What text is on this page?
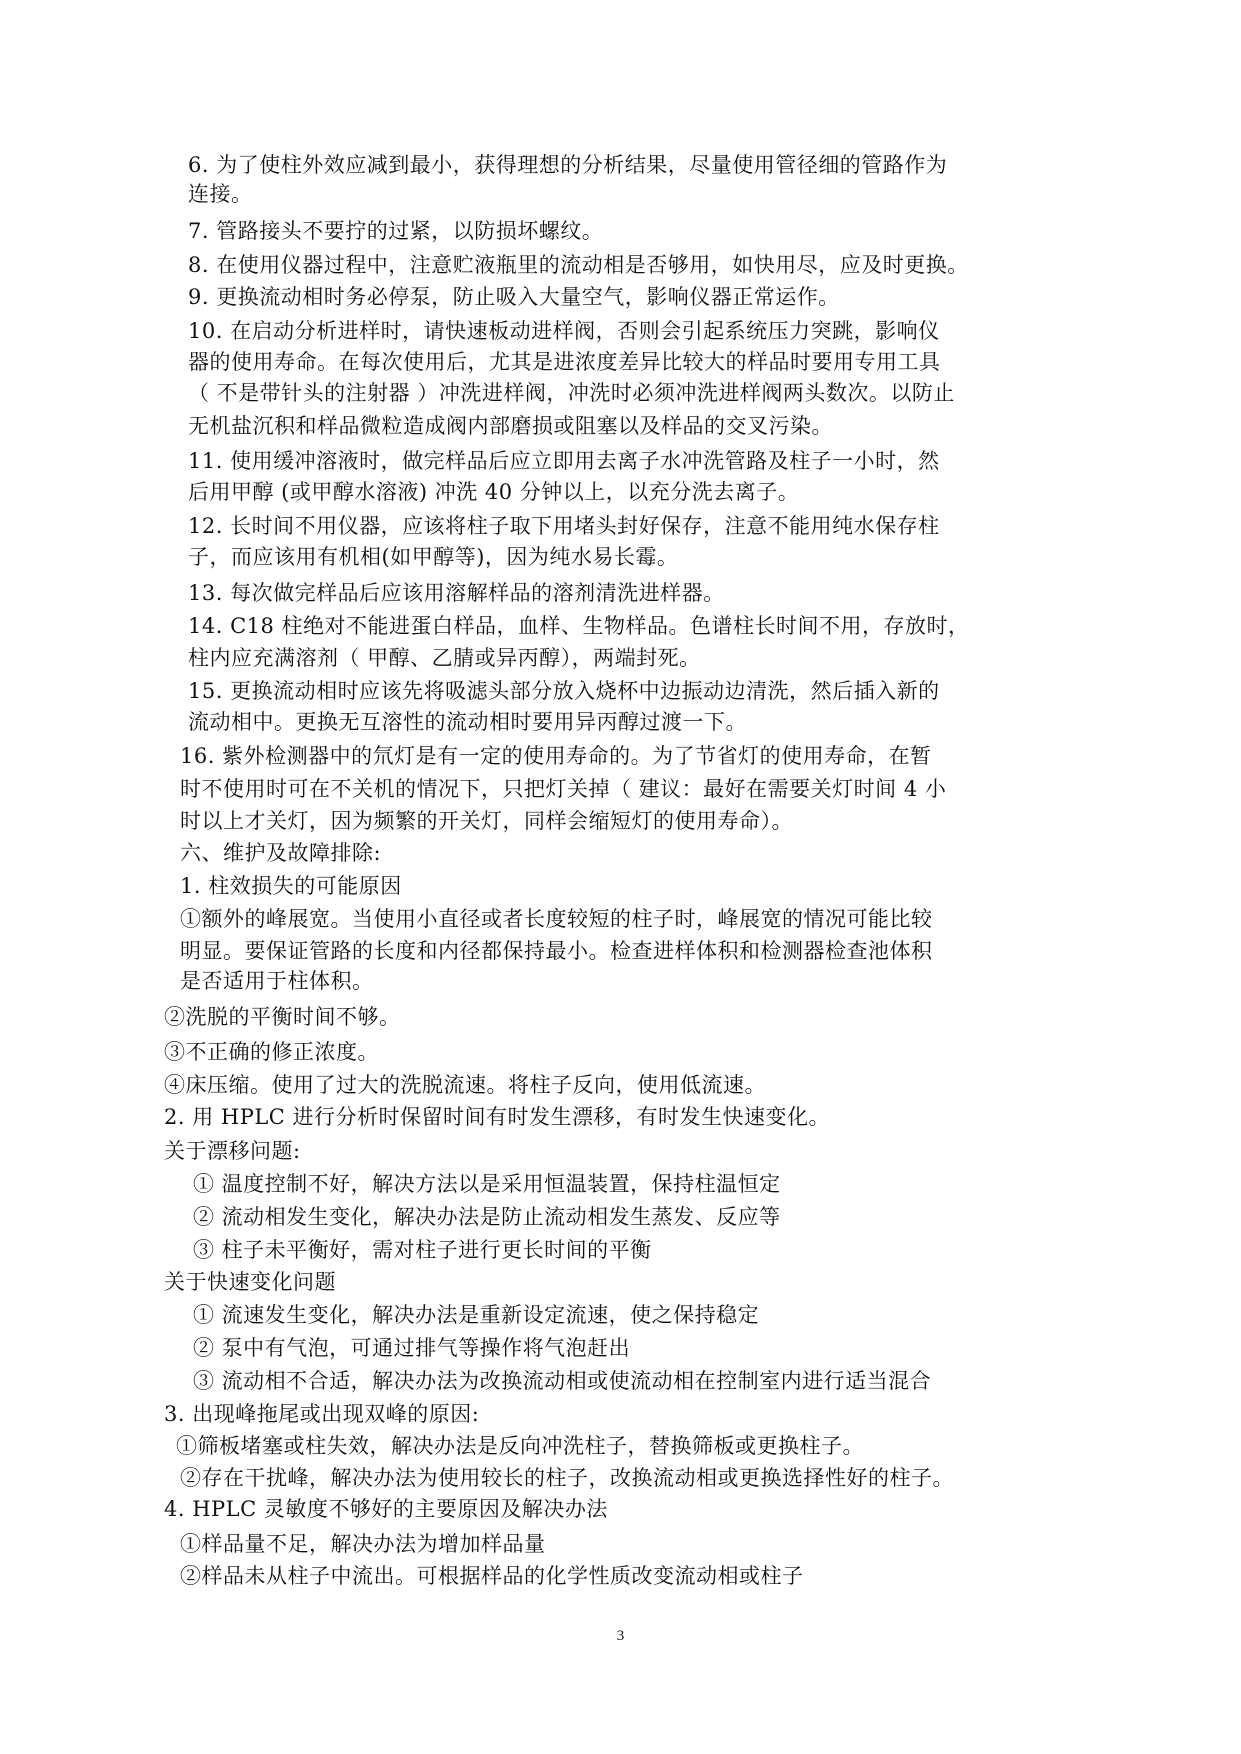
6. 为了使柱外效应减到最小，获得理想的分析结果，尽量使用管径细的管路作为
连接。
7. 管路接头不要拧的过紧，以防损坏螺纹。
8. 在使用仪器过程中，注意贮液瓶里的流动相是否够用，如快用尽，应及时更换。
9. 更换流动相时务必停泵，防止吸入大量空气，影响仪器正常运作。
10. 在启动分析进样时，请快速板动进样阀，否则会引起系统压力突跳，影响仪
器的使用寿命。在每次使用后，尤其是进浓度差异比较大的样品时要用专用工具
（ 不是带针头的注射器 ）冲洗进样阀，冲洗时必须冲洗进样阀两头数次。以防止
无机盐沉积和样品微粒造成阀内部磨损或阻塞以及样品的交叉污染。
11. 使用缓冲溶液时，做完样品后应立即用去离子水冲洗管路及柱子一小时，然
后用甲醇 (或甲醇水溶液) 冲洗 40 分钟以上，以充分洗去离子。
12. 长时间不用仪器，应该将柱子取下用堵头封好保存，注意不能用纯水保存柱
子，而应该用有机相(如甲醇等)，因为纯水易长霉。
13. 每次做完样品后应该用溶解样品的溶剂清洗进样器。
14. C18 柱绝对不能进蛋白样品，血样、生物样品。色谱柱长时间不用，存放时，
柱内应充满溶剂（ 甲醇、乙腈或异丙醇），两端封死。
15. 更换流动相时应该先将吸滤头部分放入烧杯中边振动边清洗，然后插入新的
流动相中。更换无互溶性的流动相时要用异丙醇过渡一下。
16. 紫外检测器中的氘灯是有一定的使用寿命的。为了节省灯的使用寿命，在暂
时不使用时可在不关机的情况下，只把灯关掉（ 建议：最好在需要关灯时间 4 小
时以上才关灯，因为频繁的开关灯，同样会缩短灯的使用寿命）。
六、维护及故障排除:
1. 柱效损失的可能原因
①额外的峰展宽。当使用小直径或者长度较短的柱子时，峰展宽的情况可能比较
明显。要保证管路的长度和内径都保持最小。检查进样体积和检测器检查池体积
是否适用于柱体积。
②洗脱的平衡时间不够。
③不正确的修正浓度。
④床压缩。使用了过大的洗脱流速。将柱子反向，使用低流速。
2. 用 HPLC 进行分析时保留时间有时发生漂移，有时发生快速变化。
关于漂移问题:
① 温度控制不好，解决方法以是采用恒温装置，保持柱温恒定
② 流动相发生变化，解决办法是防止流动相发生蒸发、反应等
③ 柱子未平衡好，需对柱子进行更长时间的平衡
关于快速变化问题
① 流速发生变化，解决办法是重新设定流速，使之保持稳定
② 泵中有气泡，可通过排气等操作将气泡赶出
③ 流动相不合适，解决办法为改换流动相或使流动相在控制室内进行适当混合
3. 出现峰拖尾或出现双峰的原因:
①筛板堵塞或柱失效，解决办法是反向冲洗柱子，替换筛板或更换柱子。
②存在干扰峰，解决办法为使用较长的柱子，改换流动相或更换选择性好的柱子。
4. HPLC 灵敏度不够好的主要原因及解决办法
①样品量不足，解决办法为增加样品量
②样品未从柱子中流出。可根据样品的化学性质改变流动相或柱子
3
